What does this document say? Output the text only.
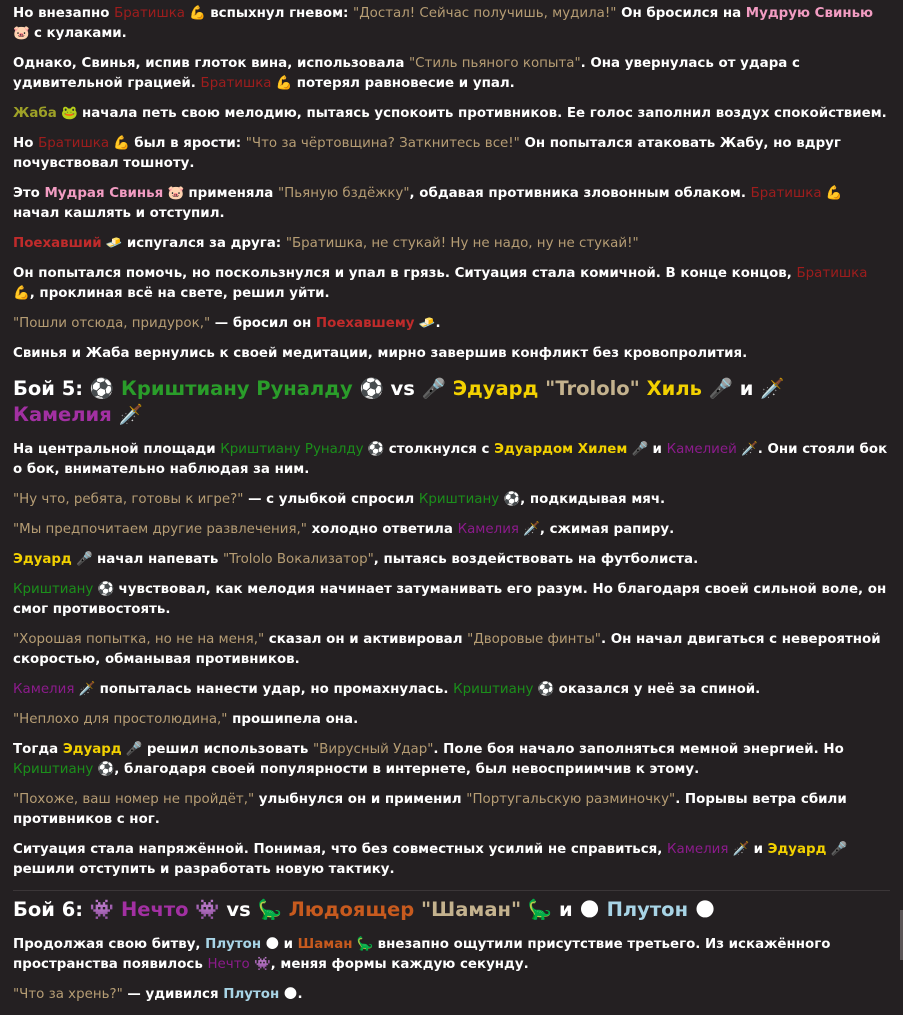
Но внезапно Братишка 💪 вспыхнул гневом: "Достал! Сейчас получишь, мудила!" Он бросился на Мудрую Свинью 🐷 с кулаками.
Однако, Свинья, испив глоток вина, использовала "Стиль пьяного копыта". Она увернулась от удара с удивительной грацией. Братишка 💪 потерял равновесие и упал.
Жаба 🐸 начала петь свою мелодию, пытаясь успокоить противников. Ее голос заполнил воздух спокойствием.
Но Братишка 💪 был в ярости: "Что за чёртовщина? Заткнитесь все!" Он попытался атаковать Жабу, но вдруг почувствовал тошноту.
Это Мудрая Свинья 🐷 применяла "Пьяную бздёжку", обдавая противника зловонным облаком. Братишка 💪 начал кашлять и отступил.
Поехавший 🧈 испугался за друга: "Братишка, не стукай! Ну не надо, ну не стукай!"
Он попытался помочь, но поскользнулся и упал в грязь. Ситуация стала комичной. В конце концов, Братишка 💪, проклиная всё на свете, решил уйти.
"Пошли отсюда, придурок," — бросил он Поехавшему 🧈.
Свинья и Жаба вернулись к своей медитации, мирно завершив конфликт без кровопролития.
Бой 5: ⚽ Криштиану Руналду ⚽ vs 🎤 Эдуард "Trololo" Хиль 🎤 и 🗡️ Камелия 🗡️
На центральной площади Криштиану Руналду ⚽ столкнулся с Эдуардом Хилем 🎤 и Камелией 🗡️. Они стояли бок о бок, внимательно наблюдая за ним.
"Ну что, ребята, готовы к игре?" — с улыбкой спросил Криштиану ⚽, подкидывая мяч.
"Мы предпочитаем другие развлечения," холодно ответила Камелия 🗡️, сжимая рапиру.
Эдуард 🎤 начал напевать "Trololo Вокализатор", пытаясь воздействовать на футболиста.
Криштиану ⚽ чувствовал, как мелодия начинает затуманивать его разум. Но благодаря своей сильной воле, он смог противостоять.
"Хорошая попытка, но не на меня," сказал он и активировал "Дворовые финты". Он начал двигаться с невероятной скоростью, обманывая противников.
Камелия 🗡️ попыталась нанести удар, но промахнулась. Криштиану ⚽ оказался у неё за спиной.
"Неплохо для простолюдина," прошипела она.
Тогда Эдуард 🎤 решил использовать "Вирусный Удар". Поле боя начало заполняться мемной энергией. Но Криштиану ⚽, благодаря своей популярности в интернете, был невосприимчив к этому.
"Похоже, ваш номер не пройдёт," улыбнулся он и применил "Португальскую разминочку". Порывы ветра сбили противников с ног.
Ситуация стала напряжённой. Понимая, что без совместных усилий не справиться, Камелия 🗡️ и Эдуард 🎤 решили отступить и разработать новую тактику.
Бой 6: 👾 Нечто 👾 vs 🦕 Людоящер "Шаман" 🦕 и 🌑 Плутон 🌑
Продолжая свою битву, Плутон 🌑 и Шаман 🦕 внезапно ощутили присутствие третьего. Из искажённого пространства появилось Нечто 👾, меняя формы каждую секунду.
"Что за хрень?" — удивился Плутон 🌑.
